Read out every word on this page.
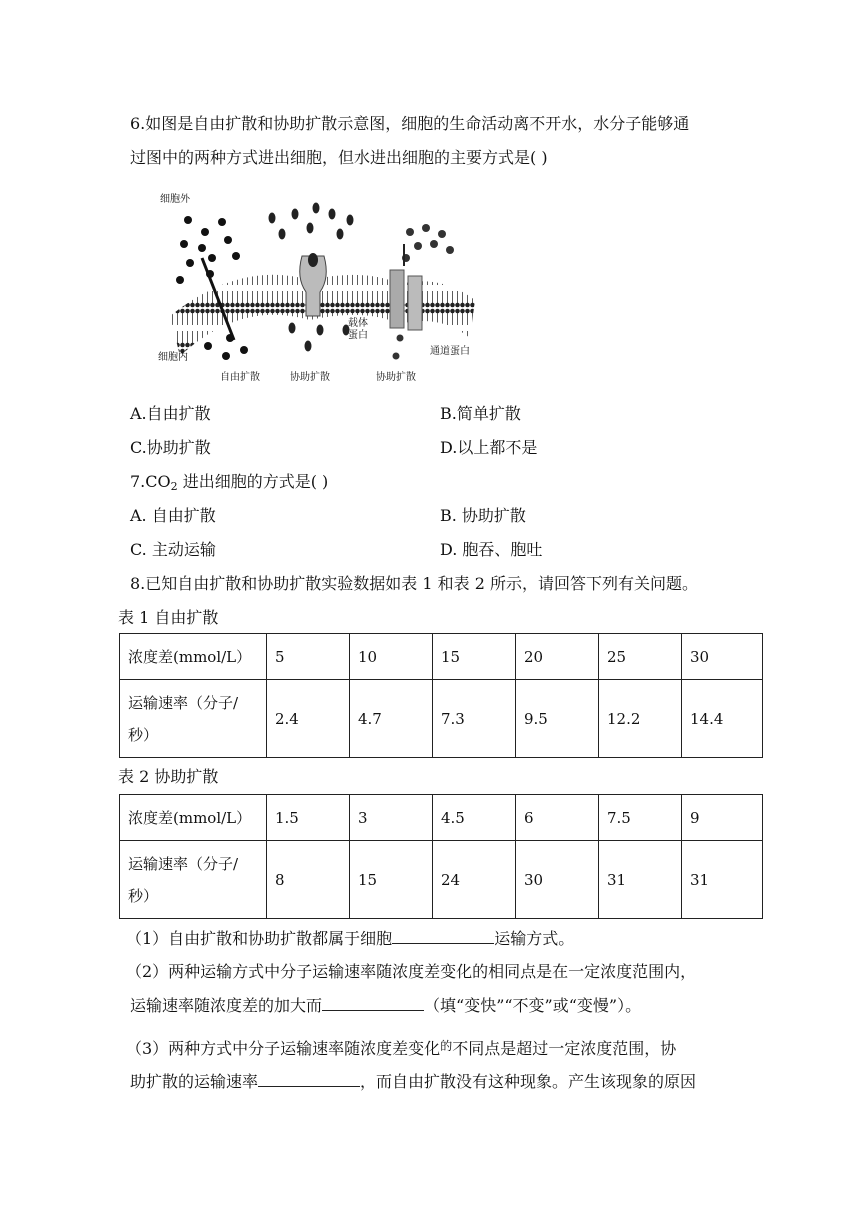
6.如图是自由扩散和协助扩散示意图，细胞的生命活动离不开水，水分子能够通
过图中的两种方式进出细胞，但水进出细胞的主要方式是( )
细胞外
细胞内
载体
蛋白
通道蛋白
自由扩散	协助扩散	协助扩散
A.自由扩散	B.简单扩散
C.协助扩散	D.以上都不是
$7.CO_2$ 进出细胞的方式是( )
A. 自由扩散	B. 协助扩散
C. 主动运输	D. 胞吞、胞吐
8.已知自由扩散和协助扩散实验数据如表 1 和表 2 所示，请回答下列有关问题。
表 1 自由扩散
浓度差(mmol/L）	5	10	15	20	25	30
运输速率（分子/
秒）	2.4	4.7	7.3	9.5	12.2	14.4
表 2 协助扩散
浓度差(mmol/L）	1.5	3	4.5	6	7.5	9
运输速率（分子/
秒）	8	15	24	30	31	31
（1）自由扩散和协助扩散都属于细胞	运输方式。
（2）两种运输方式中分子运输速率随浓度差变化的相同点是在一定浓度范围内，
运输速率随浓度差的加大而	（填“变快”“不变”或“变慢”）。
（3）两种方式中分子运输速率随浓度差变化$^的$不同点是超过一定浓度范围，协
助扩散的运输速率	，而自由扩散没有这种现象。产生该现象的原因
